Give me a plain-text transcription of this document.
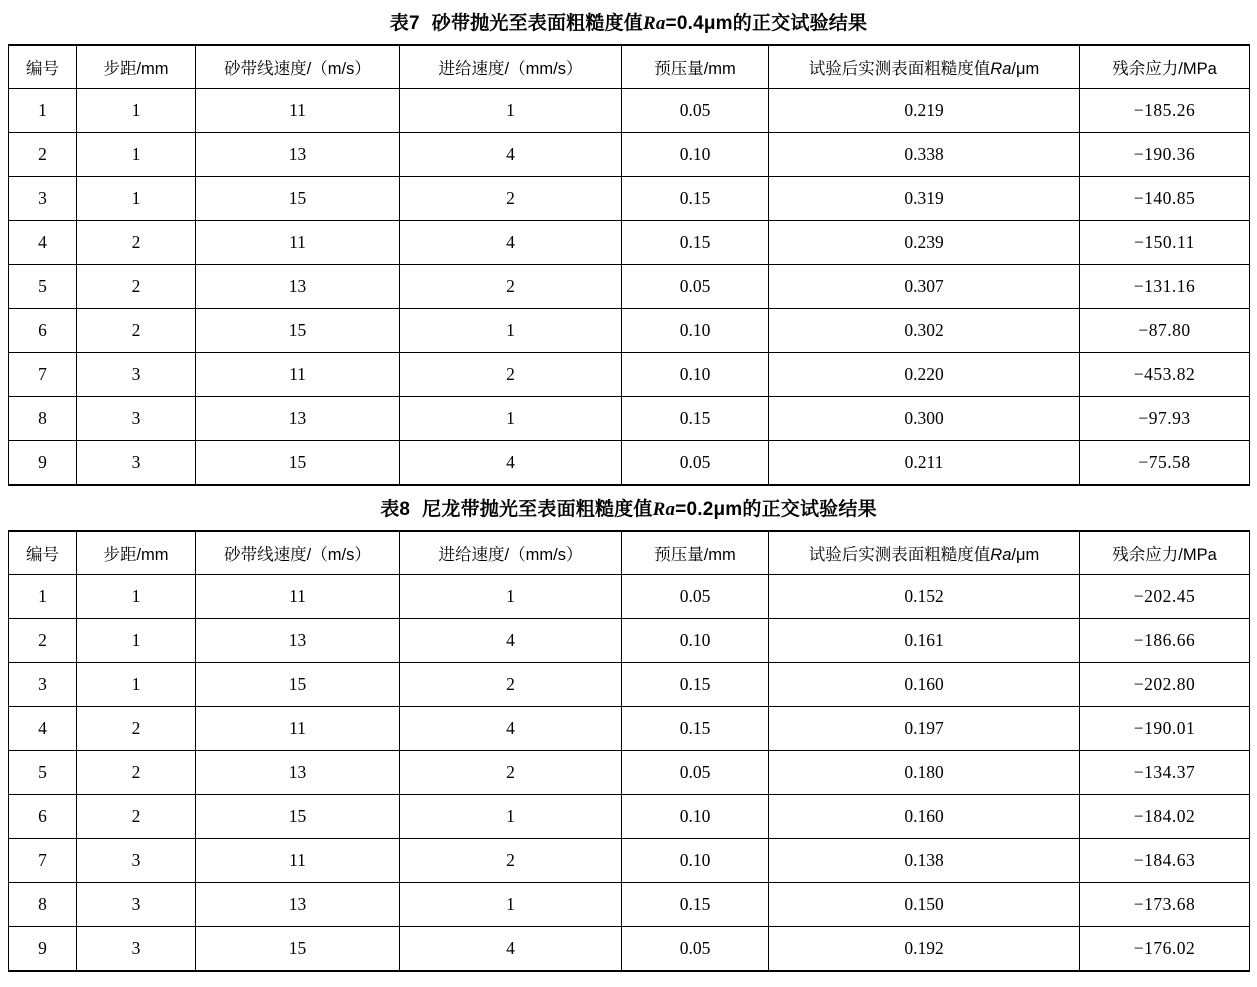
表7 砂带抛光至表面粗糙度值Ra=0.4μm的正交试验结果
编号	步距/mm	砂带线速度/（m/s）	进给速度/（mm/s）	预压量/mm	试验后实测表面粗糙度值Ra/μm	残余应力/MPa
1	1	11	1	0.05	0.219	−185.26
2	1	13	4	0.10	0.338	−190.36
3	1	15	2	0.15	0.319	−140.85
4	2	11	4	0.15	0.239	−150.11
5	2	13	2	0.05	0.307	−131.16
6	2	15	1	0.10	0.302	−87.80
7	3	11	2	0.10	0.220	−453.82
8	3	13	1	0.15	0.300	−97.93
9	3	15	4	0.05	0.211	−75.58
表8 尼龙带抛光至表面粗糙度值Ra=0.2μm的正交试验结果
编号	步距/mm	砂带线速度/（m/s）	进给速度/（mm/s）	预压量/mm	试验后实测表面粗糙度值Ra/μm	残余应力/MPa
1	1	11	1	0.05	0.152	−202.45
2	1	13	4	0.10	0.161	−186.66
3	1	15	2	0.15	0.160	−202.80
4	2	11	4	0.15	0.197	−190.01
5	2	13	2	0.05	0.180	−134.37
6	2	15	1	0.10	0.160	−184.02
7	3	11	2	0.10	0.138	−184.63
8	3	13	1	0.15	0.150	−173.68
9	3	15	4	0.05	0.192	−176.02
